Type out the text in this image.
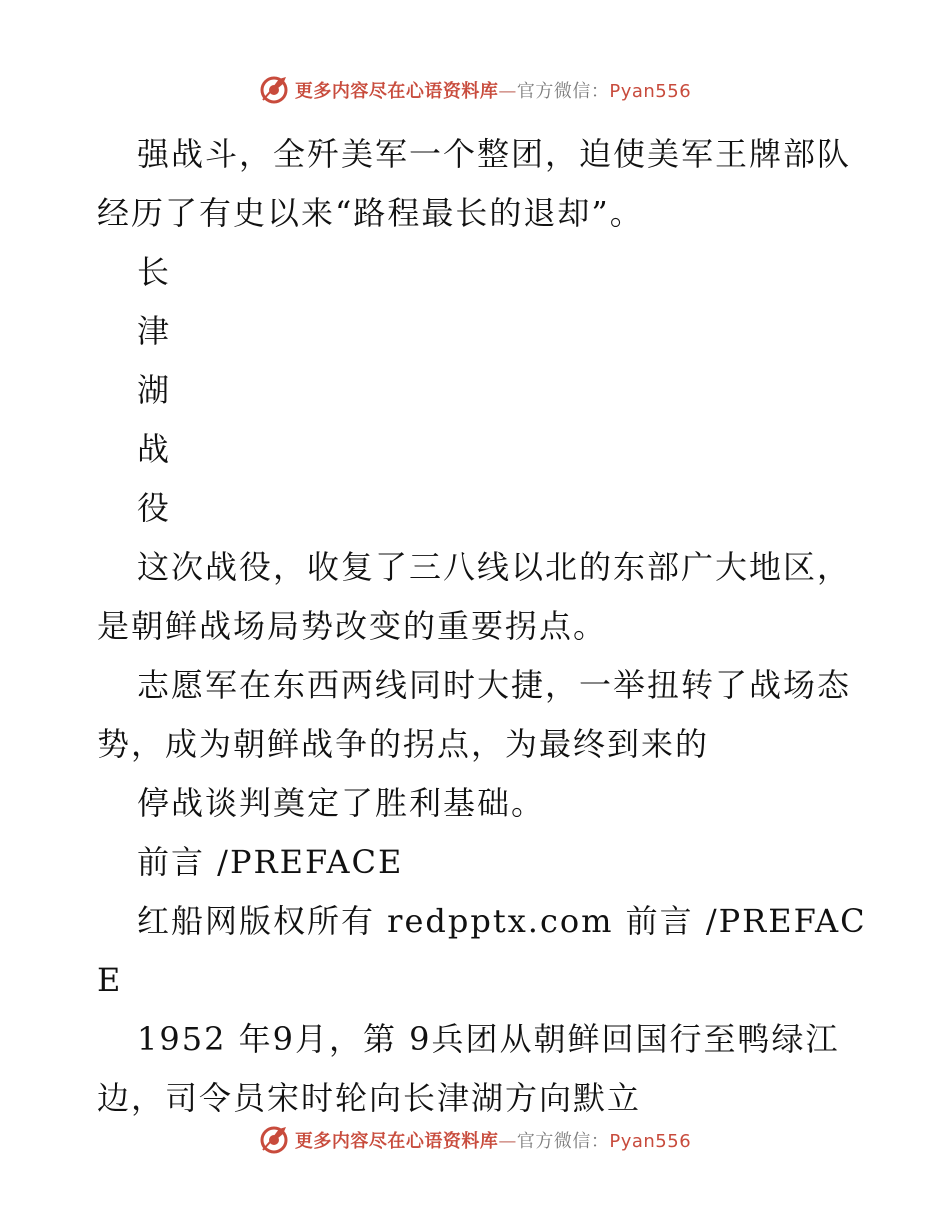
更多内容尽在心语资料库—官方微信：Pyan556

强战斗，全歼美军一个整团，迫使美军王牌部队经历了有史以来“路程最长的退却”。

长

津

湖

战

役

这次战役，收复了三八线以北的东部广大地区，是朝鲜战场局势改变的重要拐点。

志愿军在东西两线同时大捷，一举扭转了战场态势，成为朝鲜战争的拐点，为最终到来的

停战谈判奠定了胜利基础。

前言 /PREFACE

红船网版权所有 redpptx.com 前言 /PREFACE

1952 年9月，第 9兵团从朝鲜回国行至鸭绿江边，司令员宋时轮向长津湖方向默立

更多内容尽在心语资料库—官方微信：Pyan556
